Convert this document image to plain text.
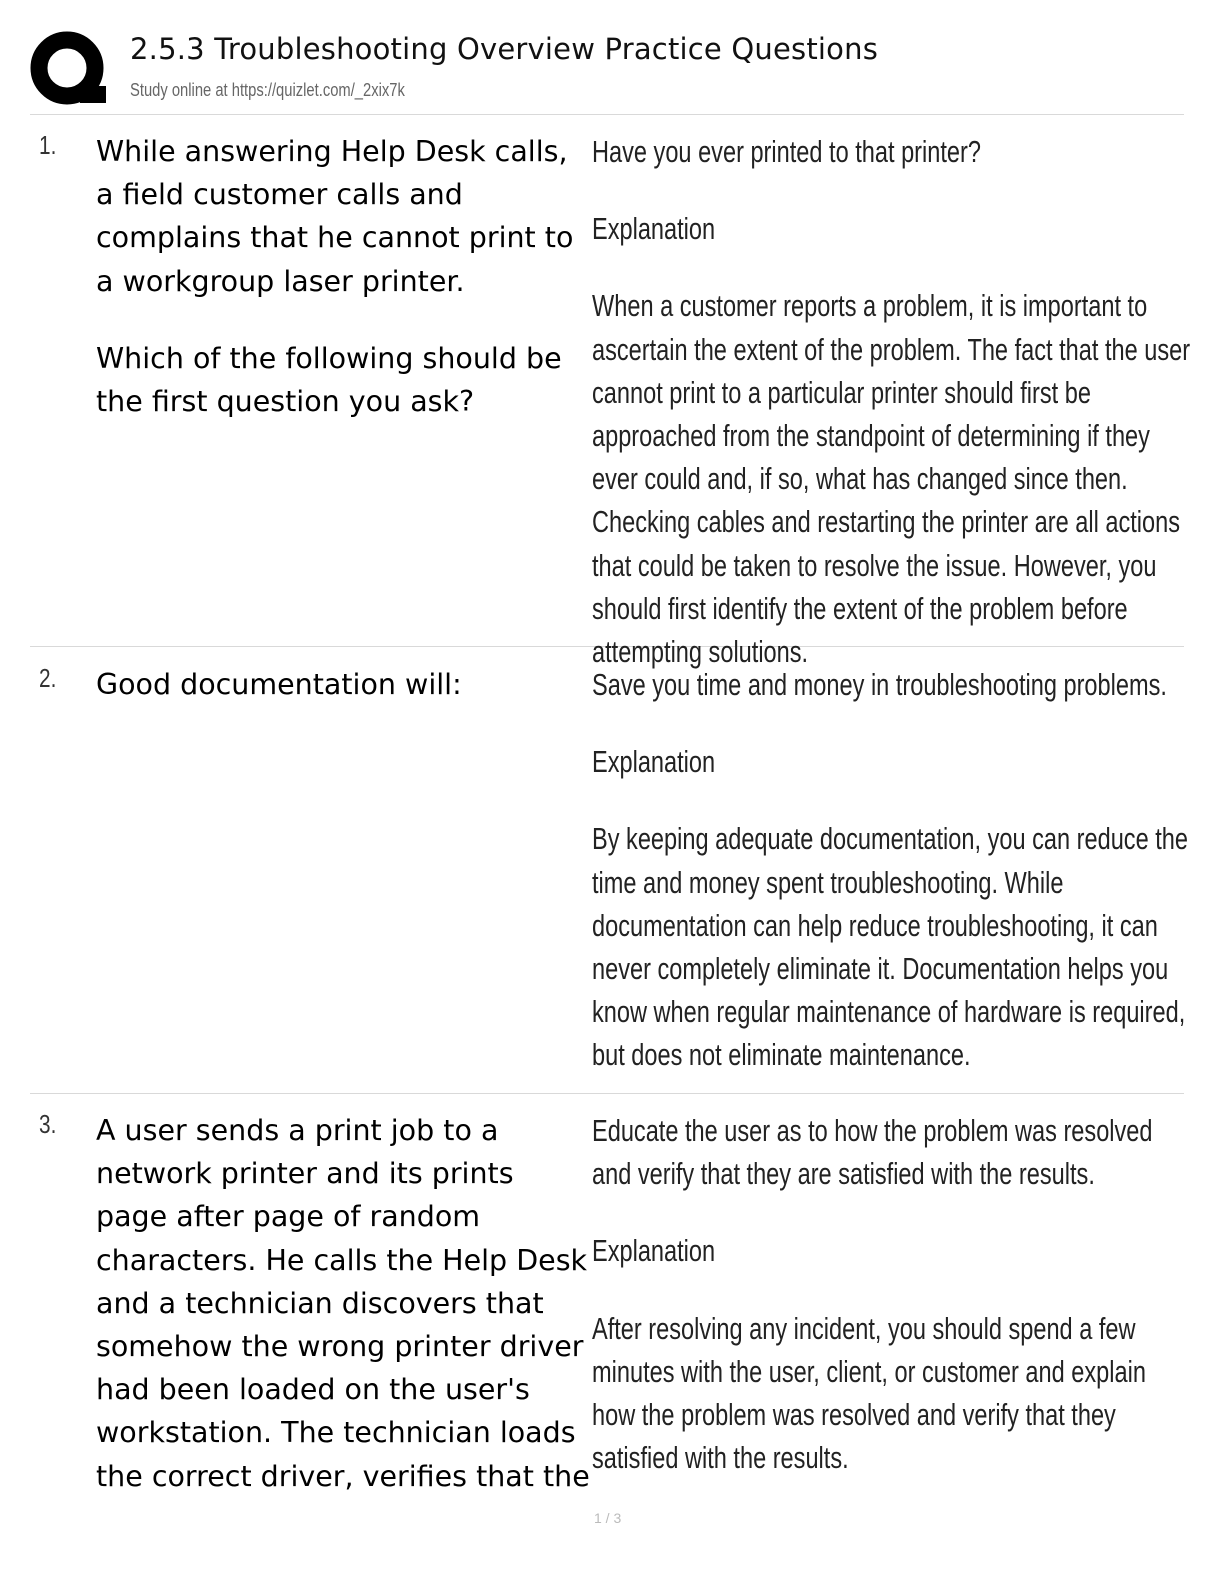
2.5.3 Troubleshooting Overview Practice Questions
Study online at https://quizlet.com/_2xix7k
1. While answering Help Desk calls, a field customer calls and complains that he cannot print to a workgroup laser printer.

Which of the following should be the first question you ask?

Have you ever printed to that printer?

Explanation

When a customer reports a problem, it is important to ascertain the extent of the problem. The fact that the user cannot print to a particular printer should first be approached from the standpoint of determining if they ever could and, if so, what has changed since then. Checking cables and restarting the printer are all actions that could be taken to resolve the issue. However, you should first identify the extent of the problem before attempting solutions.

2. Good documentation will:	Save you time and money in troubleshooting problems.

Explanation

By keeping adequate documentation, you can reduce the time and money spent troubleshooting. While documentation can help reduce troubleshooting, it can never completely eliminate it. Documentation helps you know when regular maintenance of hardware is required, but does not eliminate maintenance.

3. A user sends a print job to a network printer and its prints page after page of random characters. He calls the Help Desk and a technician discovers that somehow the wrong printer driver had been loaded on the user's workstation. The technician loads the correct driver, verifies that the

Educate the user as to how the problem was resolved and verify that they are satisfied with the results.

Explanation

After resolving any incident, you should spend a few minutes with the user, client, or customer and explain how the problem was resolved and verify that they satisfied with the results.

1 / 3
